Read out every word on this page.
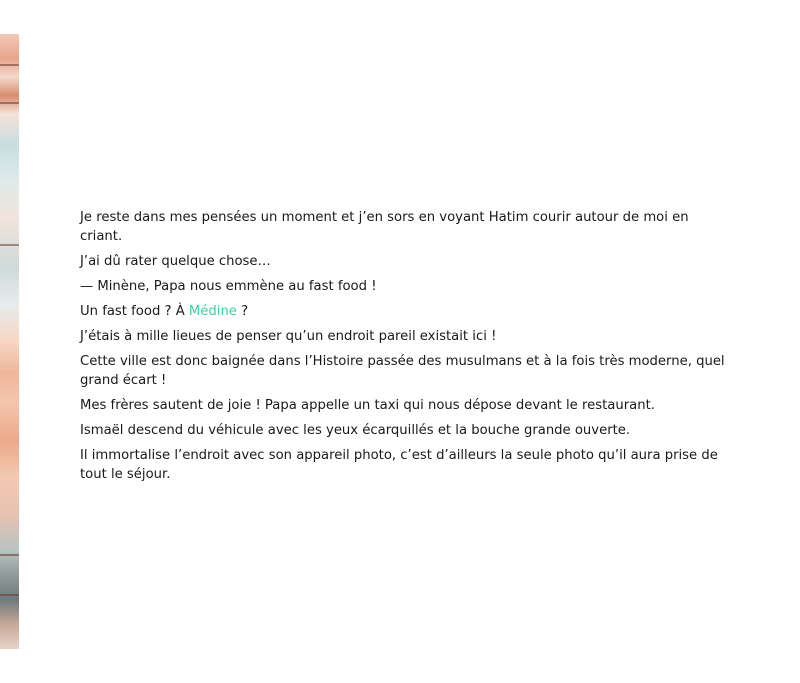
Je reste dans mes pensées un moment et j’en sors en voyant Hatim courir autour de moi en criant.

J’ai dû rater quelque chose…

— Minène, Papa nous emmène au fast food !

Un fast food ? À Médine ?

J’étais à mille lieues de penser qu’un endroit pareil existait ici !

Cette ville est donc baignée dans l’Histoire passée des musulmans et à la fois très moderne, quel grand écart !

Mes frères sautent de joie ! Papa appelle un taxi qui nous dépose devant le restaurant.

Ismaël descend du véhicule avec les yeux écarquillés et la bouche grande ouverte.

Il immortalise l’endroit avec son appareil photo, c’est d’ailleurs la seule photo qu’il aura prise de tout le séjour.
